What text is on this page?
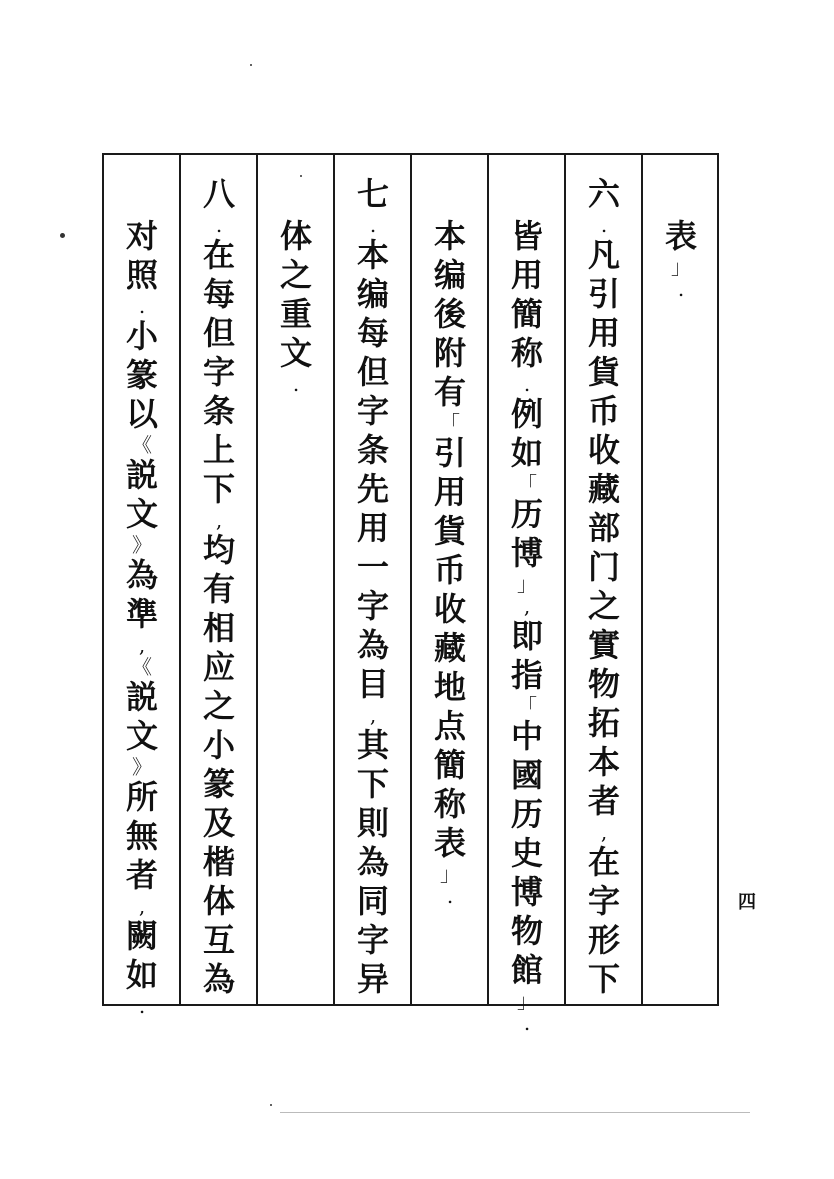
表
」
.
六
.
凡
引
用
貨
币
收
藏
部
门
之
實
物
拓
本
者
,
在
字
形
下
皆
用
簡
称
.
例
如
「
历
博
」
,
即
指
「
中
國
历
史
博
物
館
」
.
本
编
後
附
有
「
引
用
貨
币
收
藏
地
点
簡
称
表
」
.
七
.
本
编
每
但
字
条
先
用
一
字
為
目
,
其
下
則
為
同
字
异
体
之
重
文
.
八
.
在
每
但
字
条
上
下
,
均
有
相
应
之
小
篆
及
楷
体
互
為
对
照
.
小
篆
以
《
説
文
》
為
準
,
《
説
文
》
所
無
者
,
闕
如
.
四
